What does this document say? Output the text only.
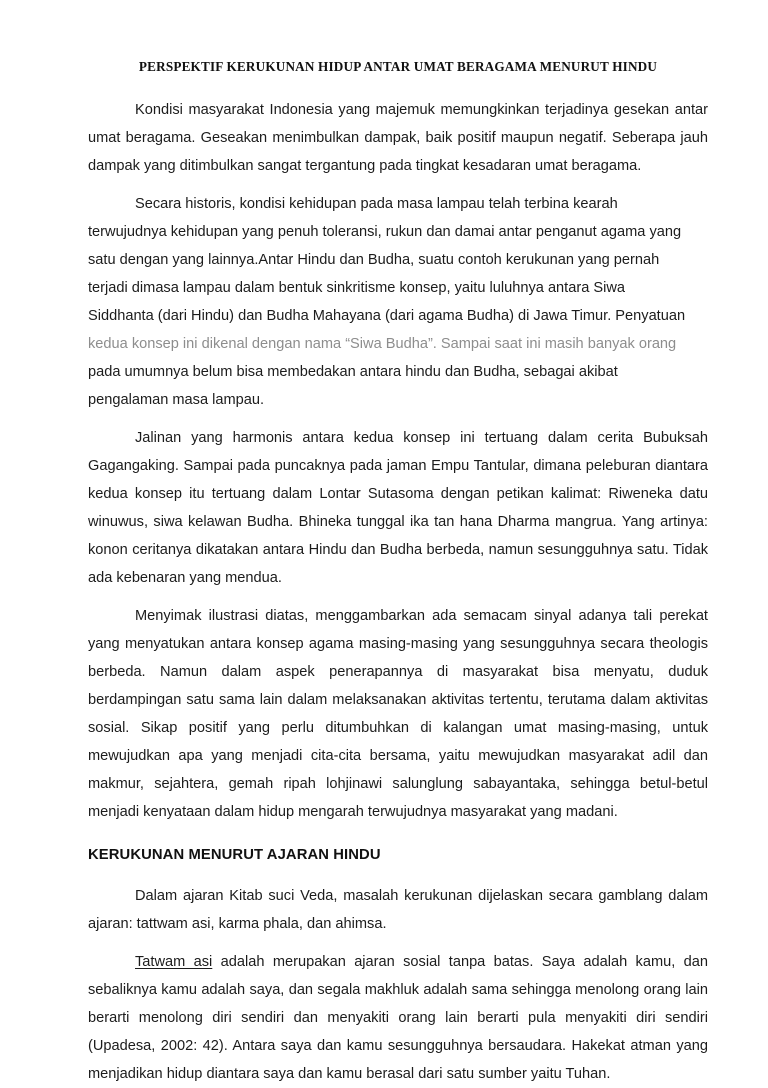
PERSPEKTIF KERUKUNAN HIDUP ANTAR UMAT BERAGAMA MENURUT HINDU

Kondisi masyarakat Indonesia yang majemuk memungkinkan terjadinya gesekan antar umat beragama. Geseakan menimbulkan dampak, baik positif maupun negatif. Seberapa jauh dampak yang ditimbulkan sangat tergantung pada tingkat kesadaran umat beragama.

Secara historis, kondisi kehidupan pada masa lampau telah terbina kearah
terwujudnya kehidupan yang penuh toleransi, rukun dan damai antar penganut agama yang
satu dengan yang lainnya.Antar Hindu dan Budha, suatu contoh kerukunan yang pernah
terjadi dimasa lampau dalam bentuk sinkritisme konsep, yaitu luluhnya antara Siwa
Siddhanta (dari Hindu) dan Budha Mahayana (dari agama Budha) di Jawa Timur. Penyatuan
kedua konsep ini dikenal dengan nama “Siwa Budha”. Sampai saat ini masih banyak orang
pada umumnya belum bisa membedakan antara hindu dan Budha, sebagai akibat
pengalaman masa lampau.

Jalinan yang harmonis antara kedua konsep ini tertuang dalam cerita Bubuksah Gagangaking. Sampai pada puncaknya pada jaman Empu Tantular, dimana peleburan diantara kedua konsep itu tertuang dalam Lontar Sutasoma dengan petikan kalimat: Riweneka datu winuwus, siwa kelawan Budha. Bhineka tunggal ika tan hana Dharma mangrua. Yang artinya: konon ceritanya dikatakan antara Hindu dan Budha berbeda, namun sesungguhnya satu. Tidak ada kebenaran yang mendua.

Menyimak ilustrasi diatas, menggambarkan ada semacam sinyal adanya tali perekat yang menyatukan antara konsep agama masing-masing yang sesungguhnya secara theologis berbeda. Namun dalam aspek penerapannya di masyarakat bisa menyatu, duduk berdampingan satu sama lain dalam melaksanakan aktivitas tertentu, terutama dalam aktivitas sosial. Sikap positif yang perlu ditumbuhkan di kalangan umat masing-masing, untuk mewujudkan apa yang menjadi cita-cita bersama, yaitu mewujudkan masyarakat adil dan makmur, sejahtera, gemah ripah lohjinawi salunglung sabayantaka, sehingga betul-betul menjadi kenyataan dalam hidup mengarah terwujudnya masyarakat yang madani.

KERUKUNAN MENURUT AJARAN HINDU

Dalam ajaran Kitab suci Veda, masalah kerukunan dijelaskan secara gamblang dalam ajaran: tattwam asi, karma phala, dan ahimsa.

Tatwam asi adalah merupakan ajaran sosial tanpa batas. Saya adalah kamu, dan sebaliknya kamu adalah saya, dan segala makhluk adalah sama sehingga menolong orang lain berarti menolong diri sendiri dan menyakiti orang lain berarti pula menyakiti diri sendiri (Upadesa, 2002: 42). Antara saya dan kamu sesungguhnya bersaudara. Hakekat atman yang menjadikan hidup diantara saya dan kamu berasal dari satu sumber yaitu Tuhan.
